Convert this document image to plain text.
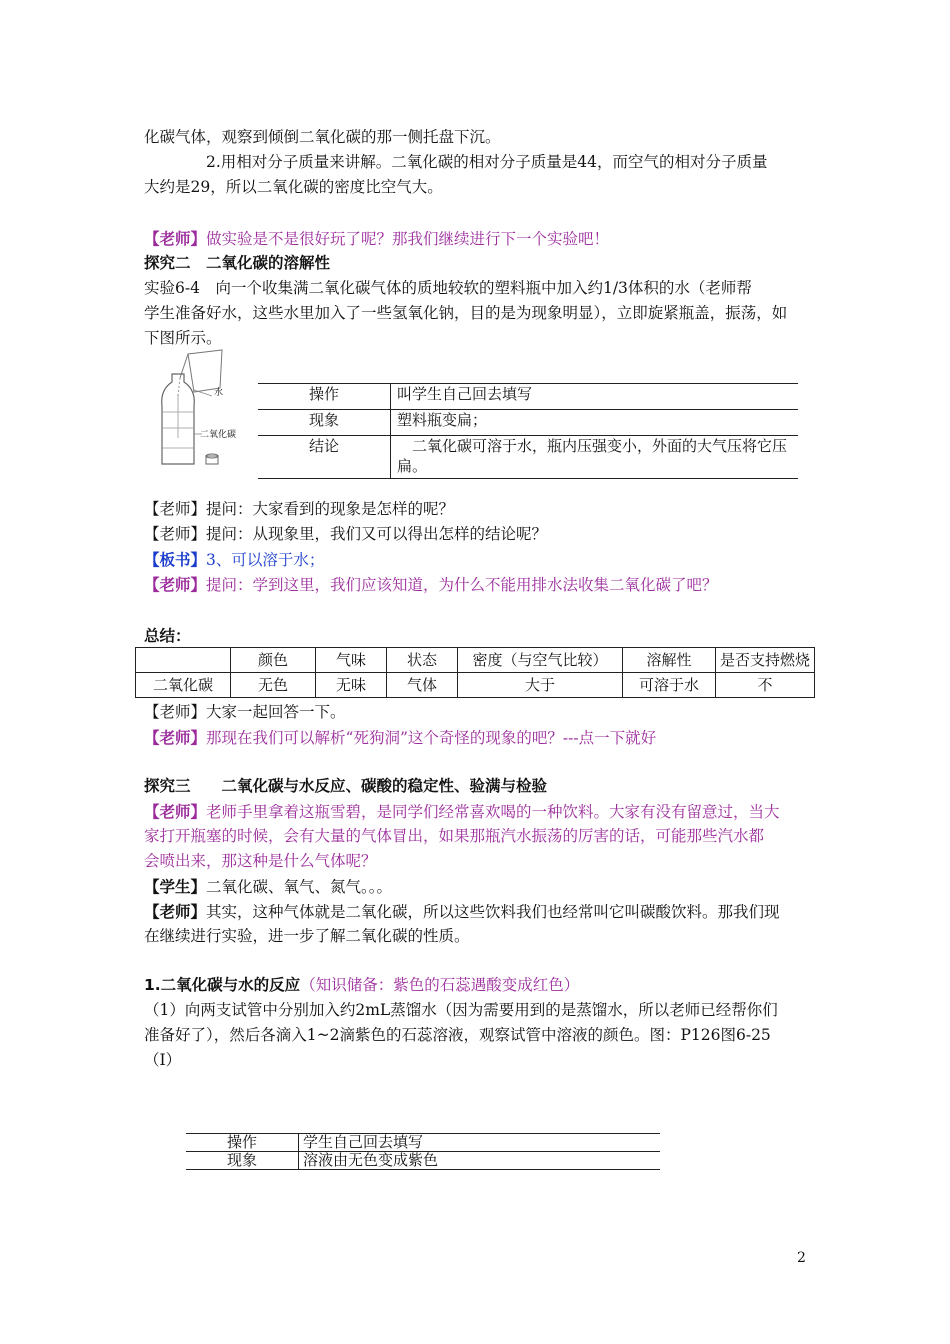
化碳气体，观察到倾倒二氧化碳的那一侧托盘下沉。
2.用相对分子质量来讲解。二氧化碳的相对分子质量是44，而空气的相对分子质量
大约是29，所以二氧化碳的密度比空气大。
【老师】做实验是不是很好玩了呢？那我们继续进行下一个实验吧！
探究二　二氧化碳的溶解性
实验6-4　向一个收集满二氧化碳气体的质地较软的塑料瓶中加入约1/3体积的水（老师帮
学生准备好水，这些水里加入了一些氢氧化钠，目的是为现象明显），立即旋紧瓶盖，振荡，如
下图所示。
水
二氧化碳
操作	叫学生自己回去填写
现象	塑料瓶变扁；
结论	　二氧化碳可溶于水，瓶内压强变小，外面的大气压将它压扁。
【老师】提问：大家看到的现象是怎样的呢？
【老师】提问：从现象里，我们又可以得出怎样的结论呢？
【板书】3、可以溶于水；
【老师】提问：学到这里，我们应该知道，为什么不能用排水法收集二氧化碳了吧？
总结：
	颜色	气味	状态	密度（与空气比较）	溶解性	是否支持燃烧
二氧化碳	无色	无味	气体	大于	可溶于水	不
【老师】大家一起回答一下。
【老师】那现在我们可以解析“死狗洞”这个奇怪的现象的吧？---点一下就好
探究三　　二氧化碳与水反应、碳酸的稳定性、验满与检验
【老师】老师手里拿着这瓶雪碧，是同学们经常喜欢喝的一种饮料。大家有没有留意过，当大
家打开瓶塞的时候，会有大量的气体冒出，如果那瓶汽水振荡的厉害的话，可能那些汽水都
会喷出来，那这种是什么气体呢？
【学生】二氧化碳、氧气、氮气。。。
【老师】其实，这种气体就是二氧化碳，所以这些饮料我们也经常叫它叫碳酸饮料。那我们现
在继续进行实验，进一步了解二氧化碳的性质。
1.二氧化碳与水的反应（知识储备：紫色的石蕊遇酸变成红色）
（1）向两支试管中分别加入约2mL蒸馏水（因为需要用到的是蒸馏水，所以老师已经帮你们
准备好了），然后各滴入1~2滴紫色的石蕊溶液，观察试管中溶液的颜色。图：P126图6-25
（Ⅰ）
操作	学生自己回去填写
现象	溶液由无色变成紫色
2
